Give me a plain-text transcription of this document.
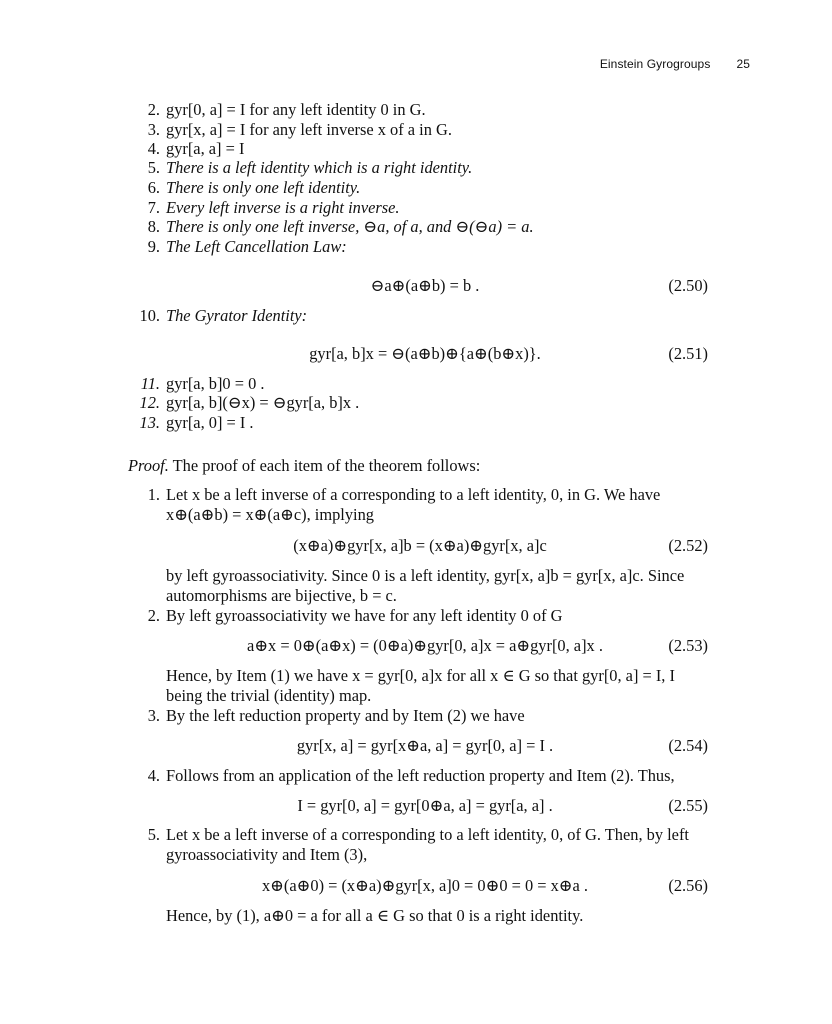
Einstein Gyrogroups 25
2. gyr[0, a] = I for any left identity 0 in G.
3. gyr[x, a] = I for any left inverse x of a in G.
4. gyr[a, a] = I
5. There is a left identity which is a right identity.
6. There is only one left identity.
7. Every left inverse is a right inverse.
8. There is only one left inverse, ⊖a, of a, and ⊖(⊖a) = a.
9. The Left Cancellation Law:
⊖a⊕(a⊕b) = b .	(2.50)
10. The Gyrator Identity:
gyr[a, b]x = ⊖(a⊕b)⊕{a⊕(b⊕x)}.	(2.51)
11. gyr[a, b]0 = 0 .
12. gyr[a, b](⊖x) = ⊖gyr[a, b]x .
13. gyr[a, 0] = I .
Proof. The proof of each item of the theorem follows:
1. Let x be a left inverse of a corresponding to a left identity, 0, in G. We have
x⊕(a⊕b) = x⊕(a⊕c), implying
(x⊕a)⊕gyr[x, a]b = (x⊕a)⊕gyr[x, a]c	(2.52)
by left gyroassociativity. Since 0 is a left identity, gyr[x, a]b = gyr[x, a]c. Since
automorphisms are bijective, b = c.
2. By left gyroassociativity we have for any left identity 0 of G
a⊕x = 0⊕(a⊕x) = (0⊕a)⊕gyr[0, a]x = a⊕gyr[0, a]x .	(2.53)
Hence, by Item (1) we have x = gyr[0, a]x for all x ∈ G so that gyr[0, a] = I, I
being the trivial (identity) map.
3. By the left reduction property and by Item (2) we have
gyr[x, a] = gyr[x⊕a, a] = gyr[0, a] = I .	(2.54)
4. Follows from an application of the left reduction property and Item (2). Thus,
I = gyr[0, a] = gyr[0⊕a, a] = gyr[a, a] .	(2.55)
5. Let x be a left inverse of a corresponding to a left identity, 0, of G. Then, by left
gyroassociativity and Item (3),
x⊕(a⊕0) = (x⊕a)⊕gyr[x, a]0 = 0⊕0 = 0 = x⊕a .	(2.56)
Hence, by (1), a⊕0 = a for all a ∈ G so that 0 is a right identity.
